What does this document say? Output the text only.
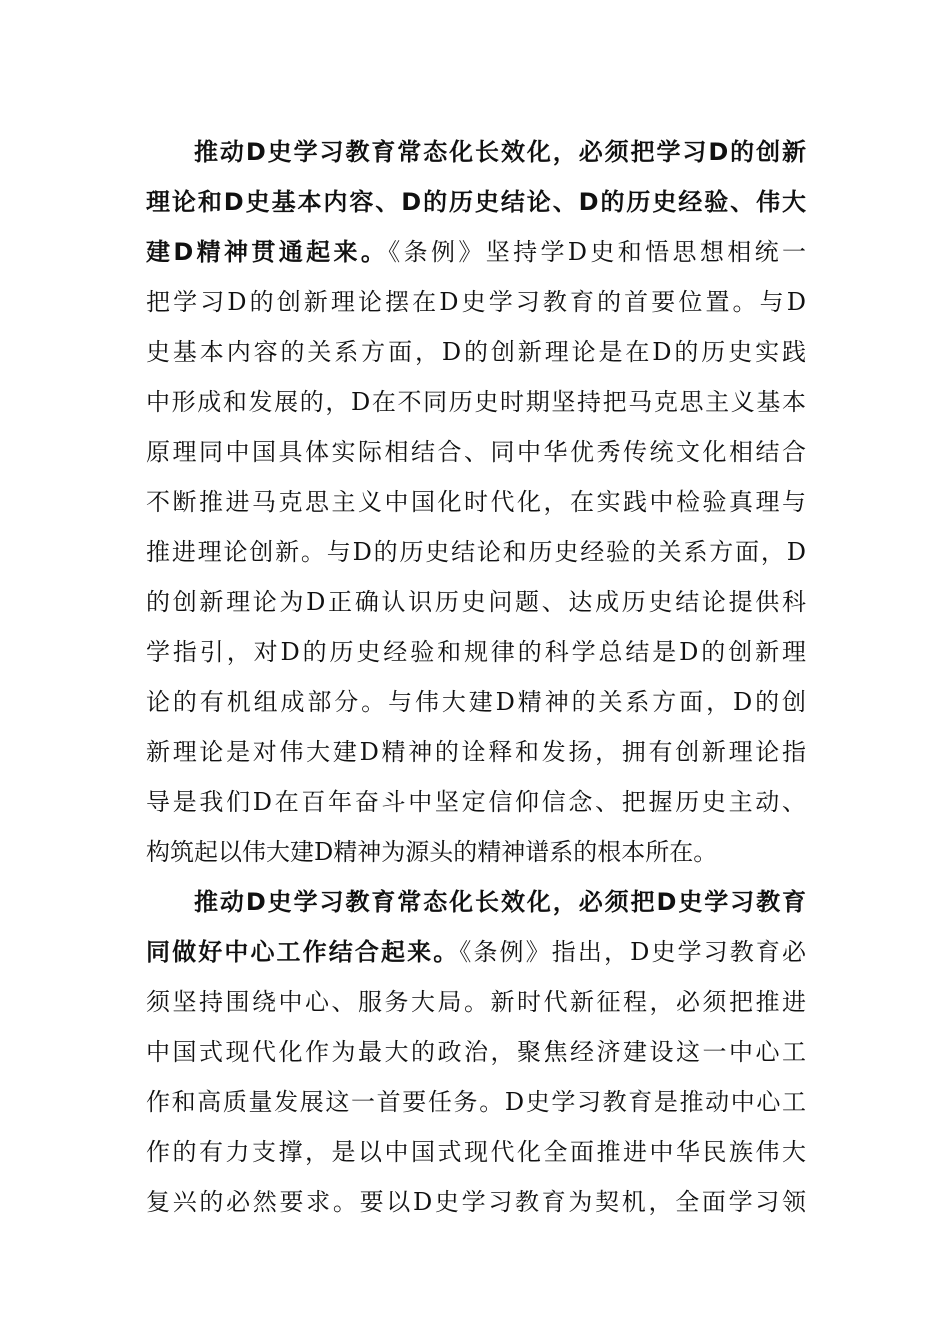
推动D史学习教育常态化长效化，必须把学习D的创新
理论和D史基本内容、D的历史结论、D的历史经验、伟大
建D精神贯通起来。《条例》坚持学D史和悟思想相统一
把学习D的创新理论摆在D史学习教育的首要位置。与D
史基本内容的关系方面，D的创新理论是在D的历史实践
中形成和发展的，D在不同历史时期坚持把马克思主义基本
原理同中国具体实际相结合、同中华优秀传统文化相结合
不断推进马克思主义中国化时代化，在实践中检验真理与
推进理论创新。与D的历史结论和历史经验的关系方面，D
的创新理论为D正确认识历史问题、达成历史结论提供科
学指引，对D的历史经验和规律的科学总结是D的创新理
论的有机组成部分。与伟大建D精神的关系方面，D的创
新理论是对伟大建D精神的诠释和发扬，拥有创新理论指
导是我们D在百年奋斗中坚定信仰信念、把握历史主动、
构筑起以伟大建D精神为源头的精神谱系的根本所在。
推动D史学习教育常态化长效化，必须把D史学习教育
同做好中心工作结合起来。《条例》指出，D史学习教育必
须坚持围绕中心、服务大局。新时代新征程，必须把推进
中国式现代化作为最大的政治，聚焦经济建设这一中心工
作和高质量发展这一首要任务。D史学习教育是推动中心工
作的有力支撑，是以中国式现代化全面推进中华民族伟大
复兴的必然要求。要以D史学习教育为契机，全面学习领
